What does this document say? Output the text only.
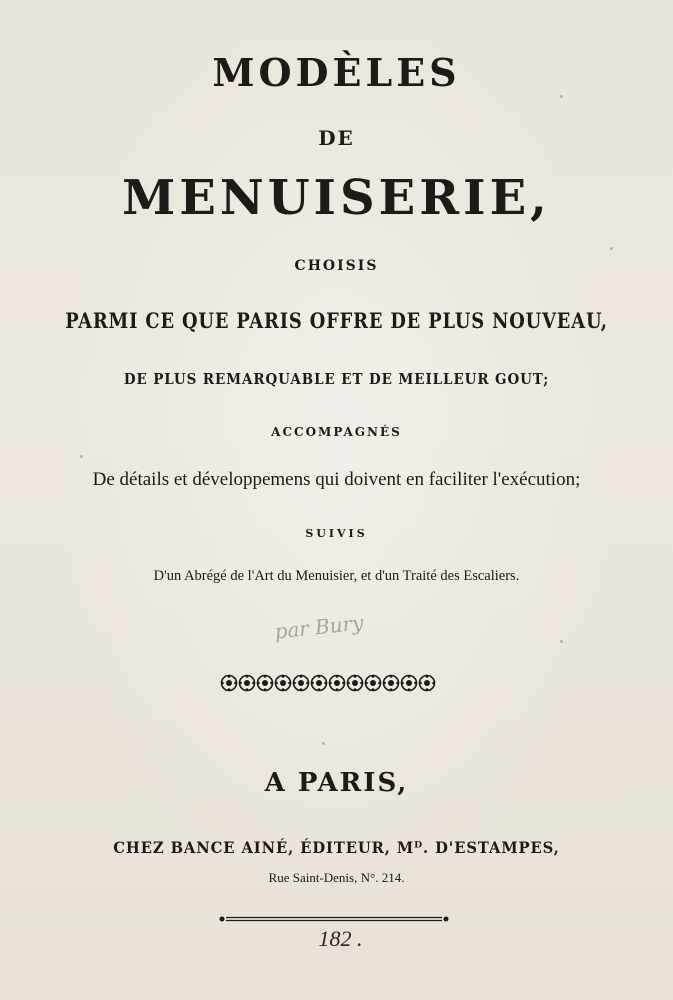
MODÈLES

DE

MENUISERIE,

CHOISIS

PARMI CE QUE PARIS OFFRE DE PLUS NOUVEAU,

DE PLUS REMARQUABLE ET DE MEILLEUR GOUT;

ACCOMPAGNÉS

De détails et développemens qui doivent en faciliter l'exécution;

SUIVIS

D'un Abrégé de l'Art du Menuisier, et d'un Traité des Escaliers.

par Bury

A PARIS,

CHEZ BANCE AINÉ, ÉDITEUR, Mᴰ. D'ESTAMPES,

Rue Saint-Denis, N°. 214.

182 .
